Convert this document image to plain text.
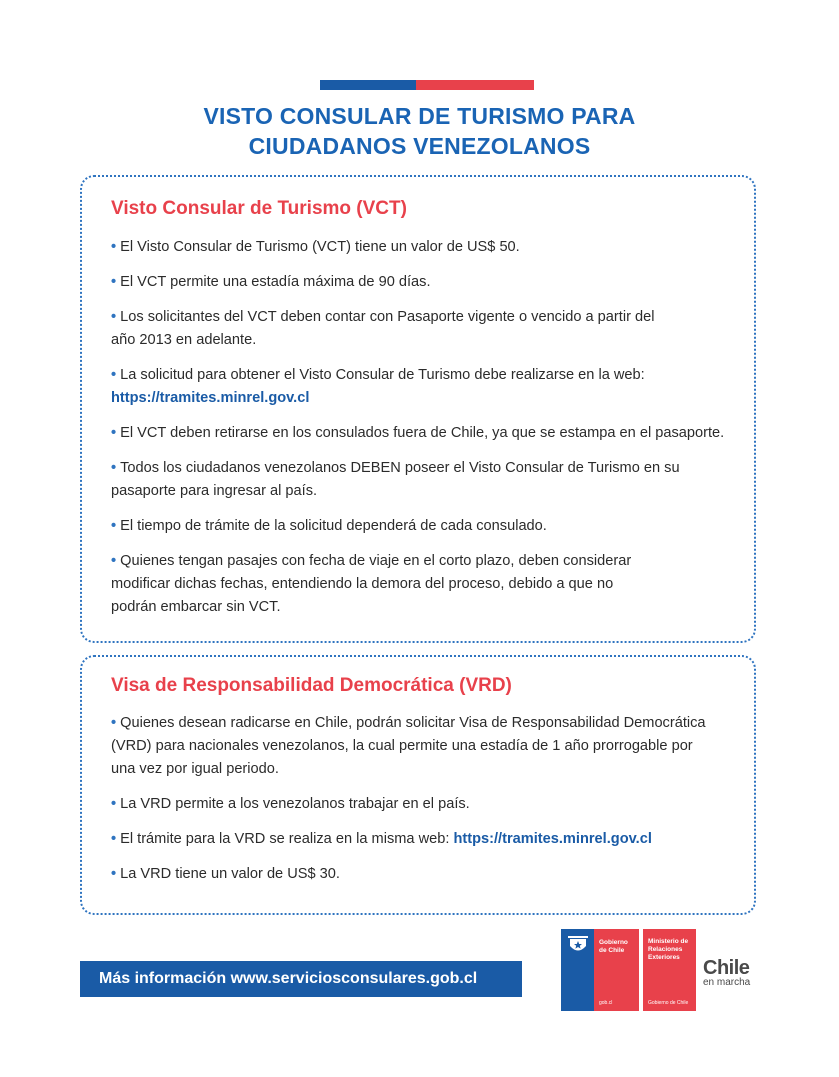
VISTO CONSULAR DE TURISMO PARA
CIUDADANOS VENEZOLANOS
Visto Consular de Turismo (VCT)
• El Visto Consular de Turismo (VCT) tiene un valor de US$ 50.
• El VCT permite una estadía máxima de 90 días.
• Los solicitantes del VCT deben contar con Pasaporte vigente o vencido a partir del
año 2013 en adelante.
• La solicitud para obtener el Visto Consular de Turismo debe realizarse en la web:
https://tramites.minrel.gov.cl
• El VCT deben retirarse en los consulados fuera de Chile, ya que se estampa en el pasaporte.
• Todos los ciudadanos venezolanos DEBEN poseer el Visto Consular de Turismo en su
pasaporte para ingresar al país.
• El tiempo de trámite de la solicitud dependerá de cada consulado.
• Quienes tengan pasajes con fecha de viaje en el corto plazo, deben considerar
modificar dichas fechas, entendiendo la demora del proceso, debido a que no
podrán embarcar sin VCT.
Visa de Responsabilidad Democrática (VRD)
• Quienes desean radicarse en Chile, podrán solicitar Visa de Responsabilidad Democrática
(VRD) para nacionales venezolanos, la cual permite una estadía de 1 año prorrogable por
una vez por igual periodo.
• La VRD permite a los venezolanos trabajar en el país.
• El trámite para la VRD se realiza en la misma web: https://tramites.minrel.gov.cl
• La VRD tiene un valor de US$ 30.
Más información www.serviciosconsulares.gob.cl
Gobierno
de Chile
gob.cl
Ministerio de
Relaciones
Exteriores
Gobierno de Chile
Chile
en marcha
